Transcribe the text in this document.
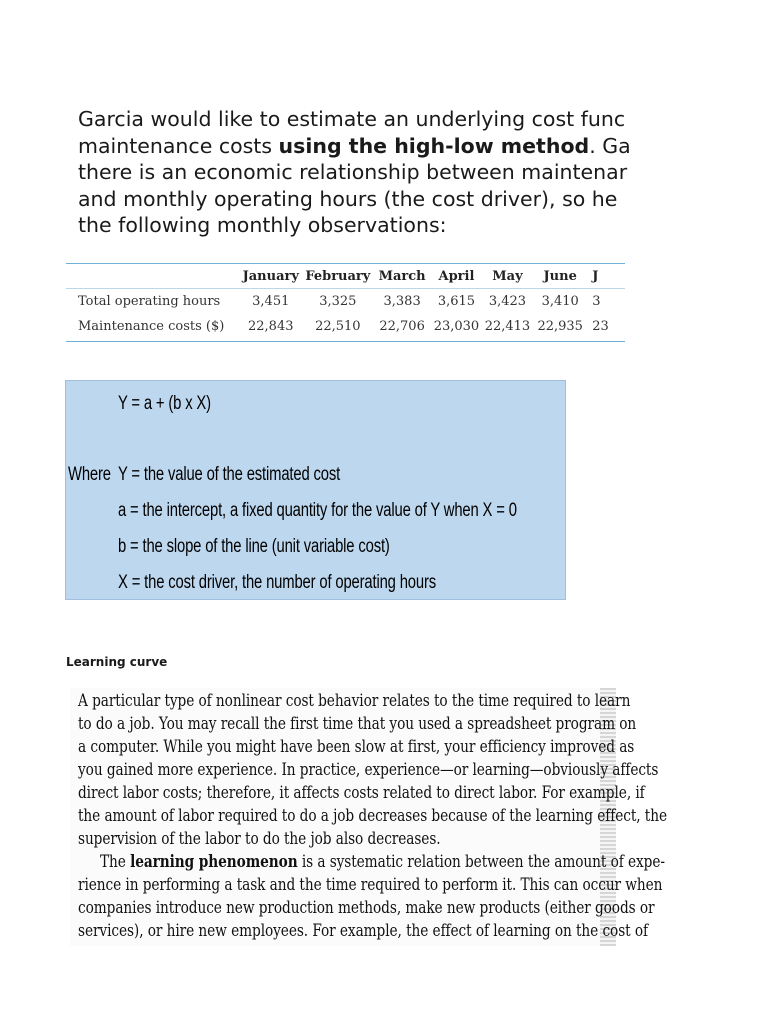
Garcia would like to estimate an underlying cost func
maintenance costs using the high-low method. Ga
there is an economic relationship between maintenar
and monthly operating hours (the cost driver), so he
the following monthly observations:
	January	February	March	April	May	June	J
Total operating hours	3,451	3,325	3,383	3,615	3,423	3,410	3
Maintenance costs ($)	22,843	22,510	22,706	23,030	22,413	22,935	23
Y = a + (b x X)
Where Y = the value of the estimated cost
a = the intercept, a fixed quantity for the value of Y when X = 0
b = the slope of the line (unit variable cost)
X = the cost driver, the number of operating hours
Learning curve
A particular type of nonlinear cost behavior relates to the time required to learn
to do a job. You may recall the first time that you used a spreadsheet program on
a computer. While you might have been slow at first, your efficiency improved as
you gained more experience. In practice, experience—or learning—obviously affects
direct labor costs; therefore, it affects costs related to direct labor. For example, if
the amount of labor required to do a job decreases because of the learning effect, the
supervision of the labor to do the job also decreases.
The learning phenomenon is a systematic relation between the amount of expe-
rience in performing a task and the time required to perform it. This can occur when
companies introduce new production methods, make new products (either goods or
services), or hire new employees. For example, the effect of learning on the cost of
